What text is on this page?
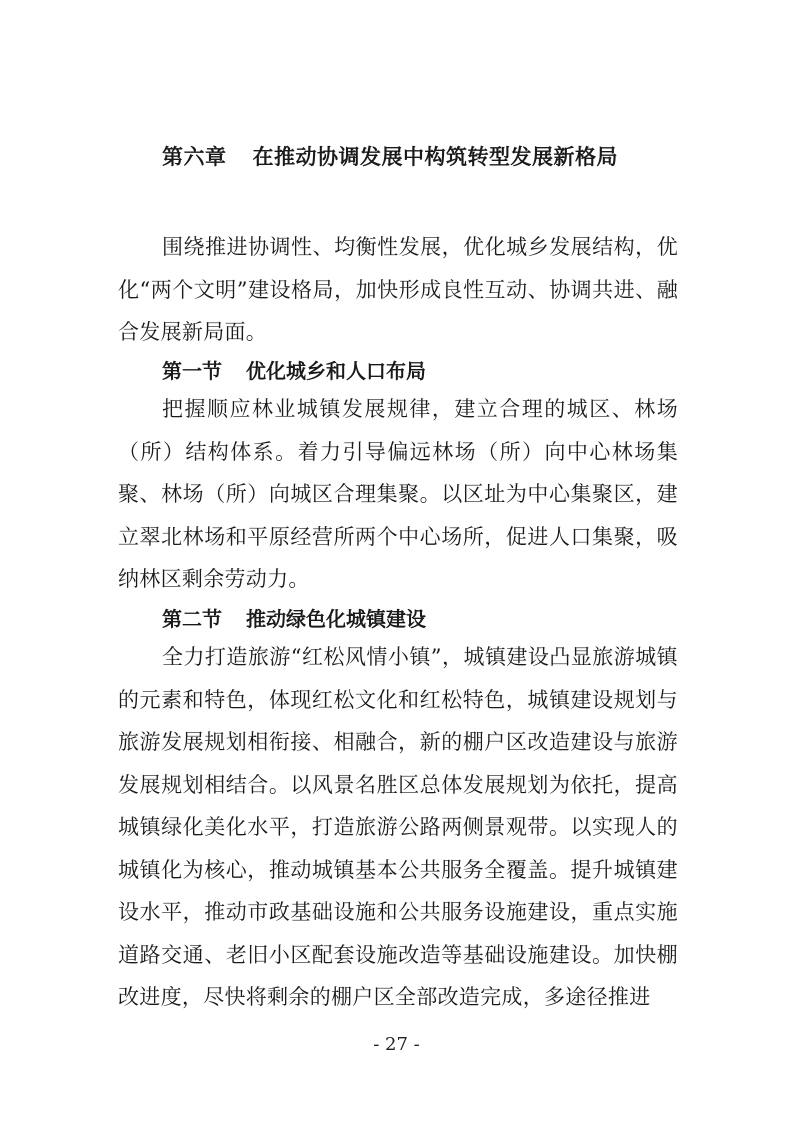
第六章 在推动协调发展中构筑转型发展新格局
围绕推进协调性、均衡性发展，优化城乡发展结构，优化“两个文明”建设格局，加快形成良性互动、协调共进、融合发展新局面。
第一节 优化城乡和人口布局
把握顺应林业城镇发展规律，建立合理的城区、林场（所）结构体系。着力引导偏远林场（所）向中心林场集聚、林场（所）向城区合理集聚。以区址为中心集聚区，建立翠北林场和平原经营所两个中心场所，促进人口集聚，吸纳林区剩余劳动力。
第二节 推动绿色化城镇建设
全力打造旅游“红松风情小镇”，城镇建设凸显旅游城镇的元素和特色，体现红松文化和红松特色，城镇建设规划与旅游发展规划相衔接、相融合，新的棚户区改造建设与旅游发展规划相结合。以风景名胜区总体发展规划为依托，提高城镇绿化美化水平，打造旅游公路两侧景观带。以实现人的城镇化为核心，推动城镇基本公共服务全覆盖。提升城镇建设水平，推动市政基础设施和公共服务设施建设，重点实施道路交通、老旧小区配套设施改造等基础设施建设。加快棚改进度，尽快将剩余的棚户区全部改造完成，多途径推进
- 27 -
